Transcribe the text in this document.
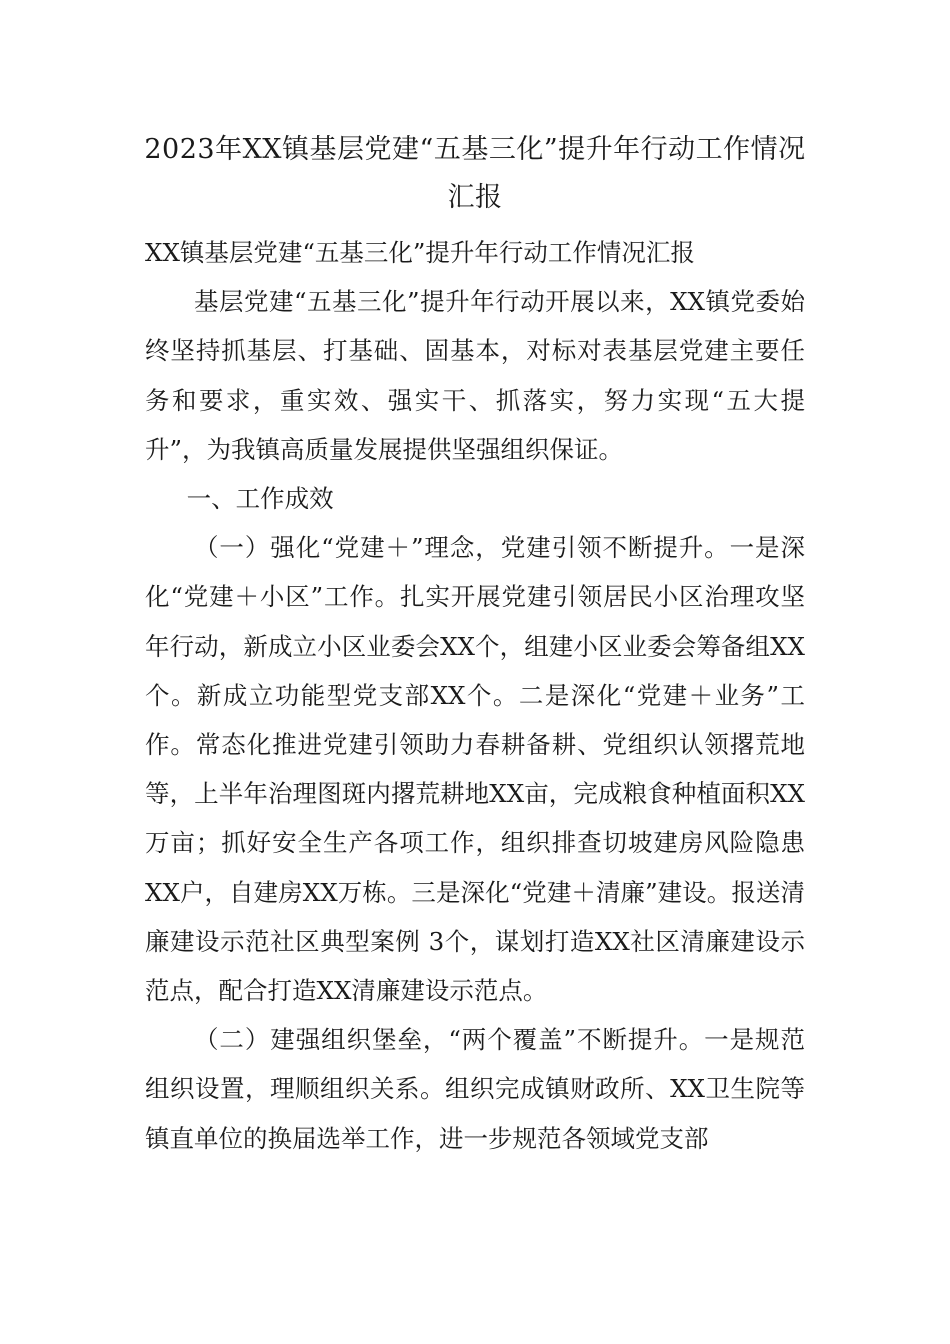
2023年XX镇基层党建“五基三化”提升年行动工作情况汇报

XX镇基层党建“五基三化”提升年行动工作情况汇报

基层党建“五基三化”提升年行动开展以来，XX镇党委始终坚持抓基层、打基础、固基本，对标对表基层党建主要任务和要求，重实效、强实干、抓落实，努力实现“五大提升”，为我镇高质量发展提供坚强组织保证。

一、工作成效

（一）强化“党建＋”理念，党建引领不断提升。一是深化“党建＋小区”工作。扎实开展党建引领居民小区治理攻坚年行动，新成立小区业委会XX个，组建小区业委会筹备组XX个。新成立功能型党支部XX个。二是深化“党建＋业务”工作。常态化推进党建引领助力春耕备耕、党组织认领撂荒地等，上半年治理图斑内撂荒耕地XX亩，完成粮食种植面积XX万亩；抓好安全生产各项工作，组织排查切坡建房风险隐患XX户，自建房XX万栋。三是深化“党建＋清廉”建设。报送清廉建设示范社区典型案例 3个，谋划打造XX社区清廉建设示范点，配合打造XX清廉建设示范点。

（二）建强组织堡垒，“两个覆盖”不断提升。一是规范组织设置，理顺组织关系。组织完成镇财政所、XX卫生院等镇直单位的换届选举工作，进一步规范各领域党支部
